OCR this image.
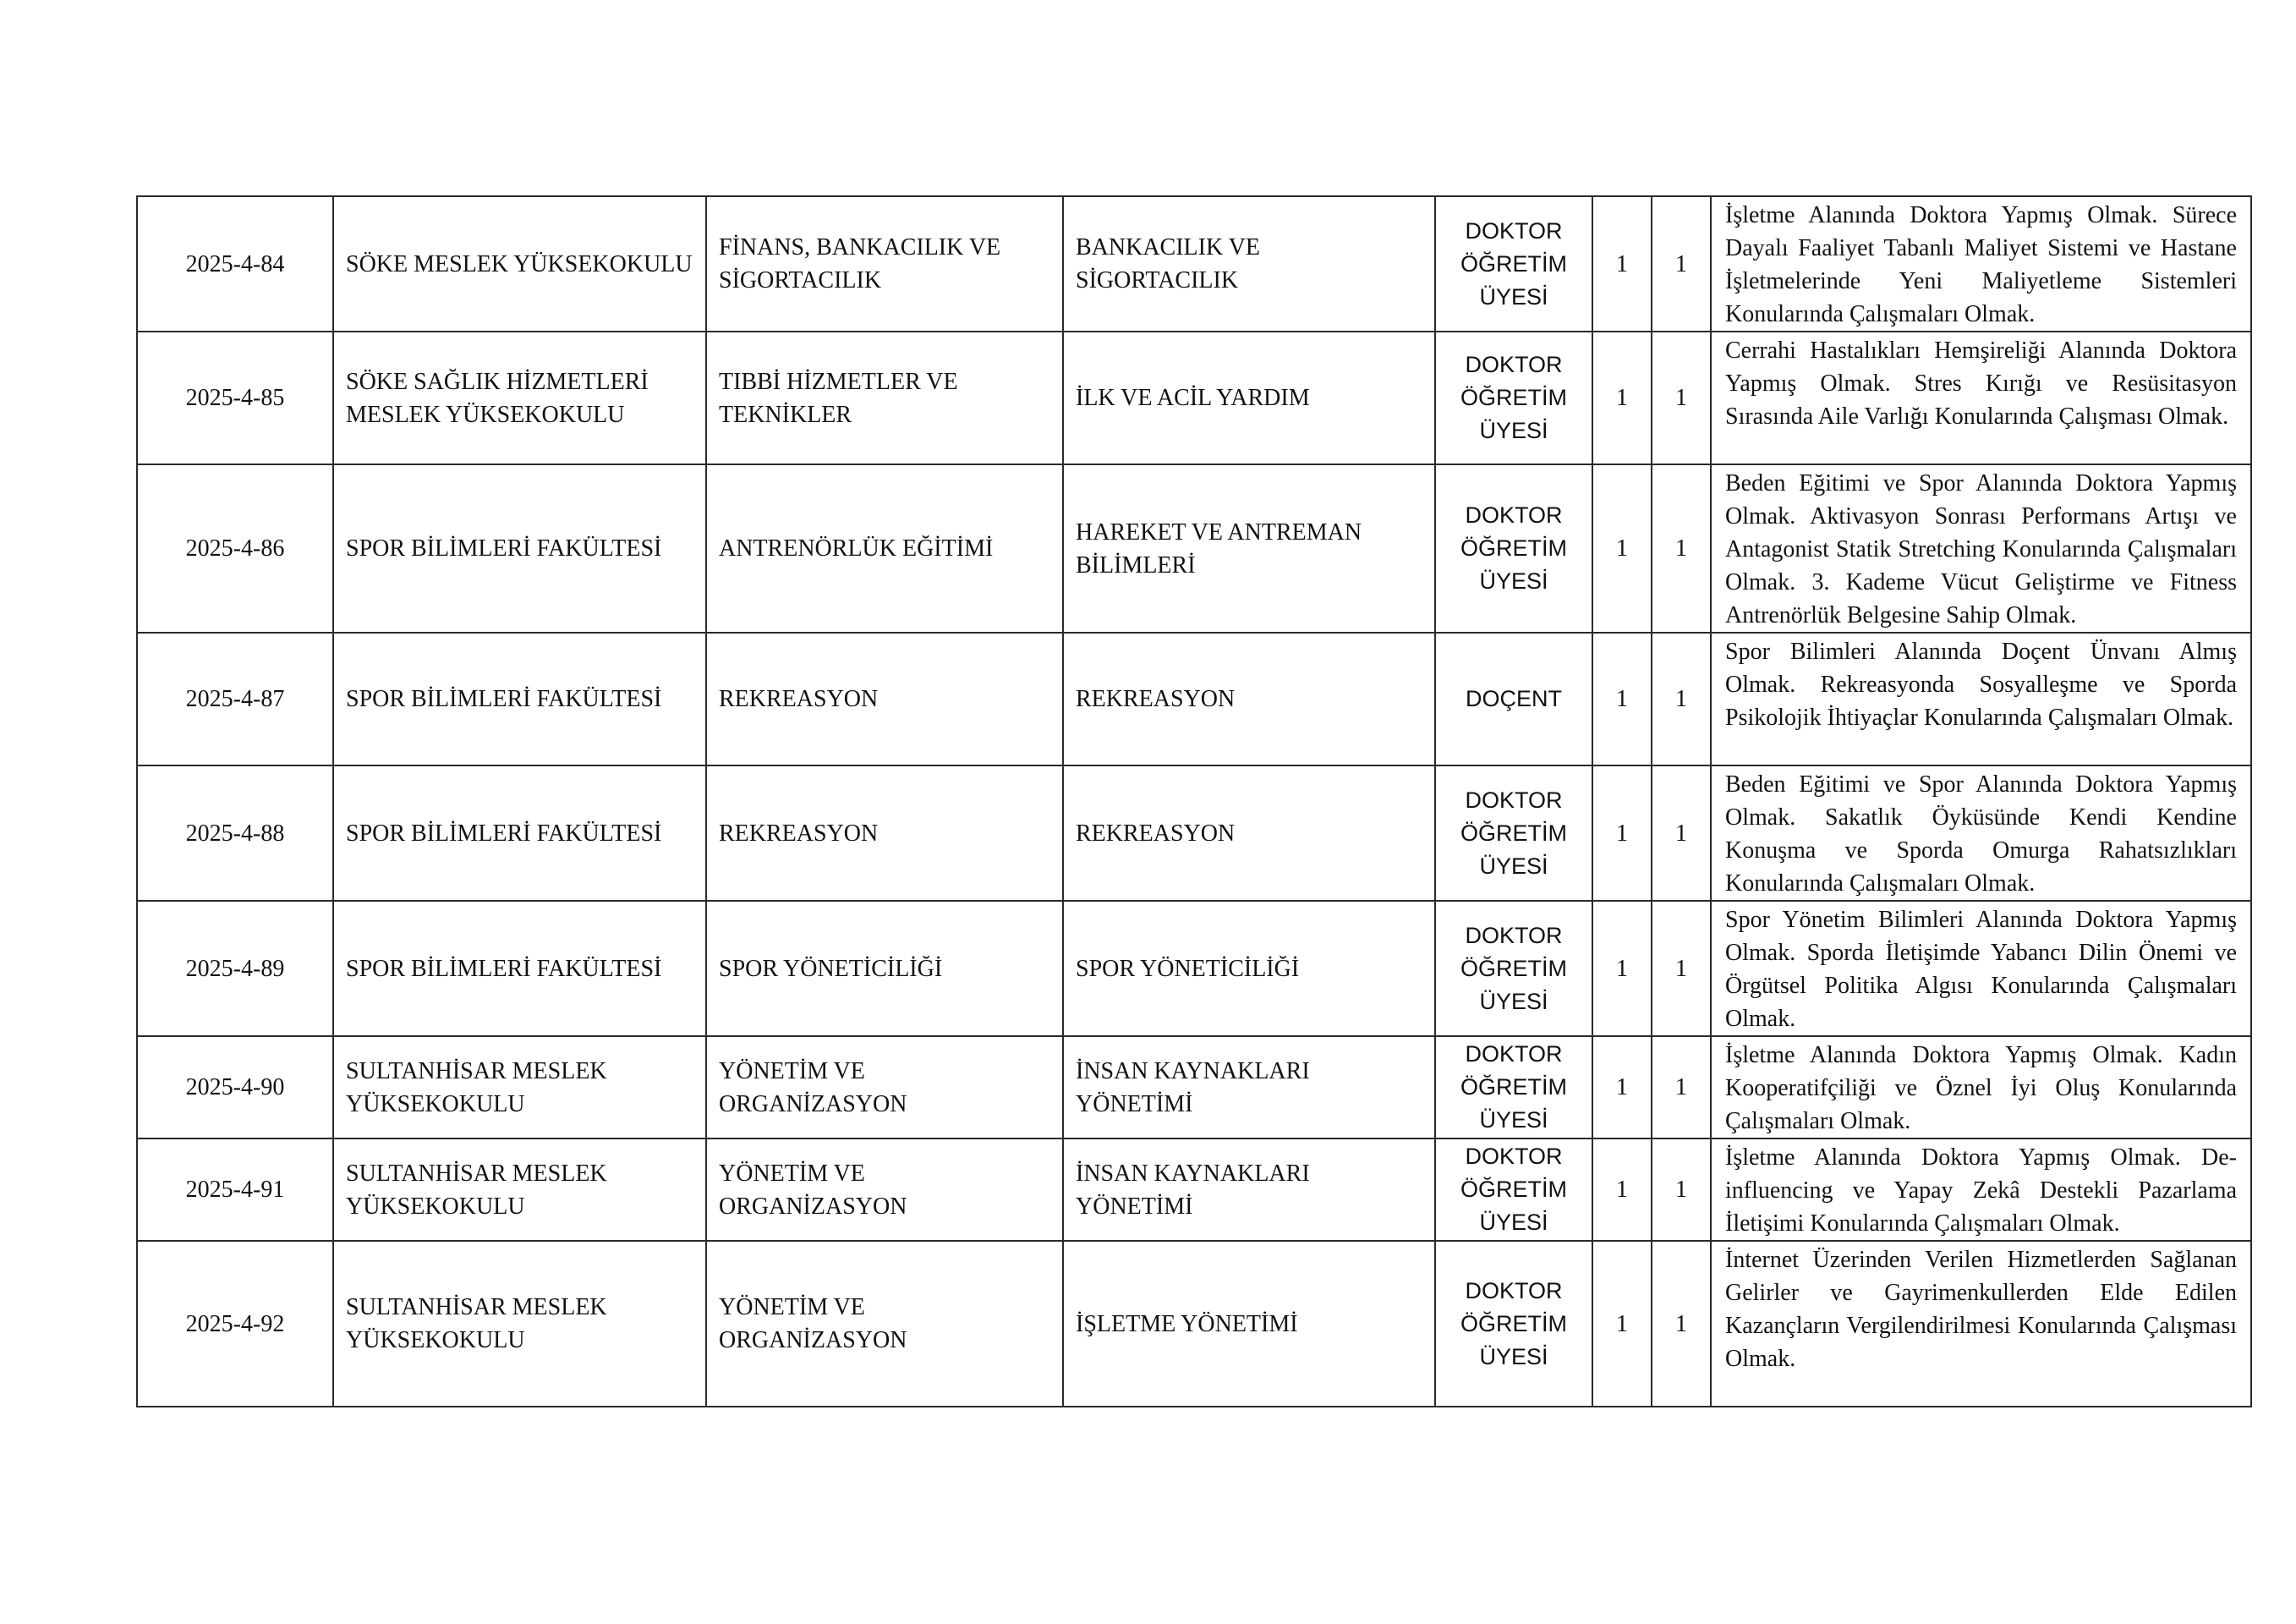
2025-4-84	SÖKE MESLEK YÜKSEKOKULU	FİNANS, BANKACILIK VE SİGORTACILIK	BANKACILIK VE SİGORTACILIK	DOKTOR ÖĞRETİM ÜYESİ	1	1	İşletme Alanında Doktora Yapmış Olmak. Sürece Dayalı Faaliyet Tabanlı Maliyet Sistemi ve Hastane İşletmelerinde Yeni Maliyetleme Sistemleri Konularında Çalışmaları Olmak.
2025-4-85	SÖKE SAĞLIK HİZMETLERİ MESLEK YÜKSEKOKULU	TIBBİ HİZMETLER VE TEKNİKLER	İLK VE ACİL YARDIM	DOKTOR ÖĞRETİM ÜYESİ	1	1	Cerrahi Hastalıkları Hemşireliği Alanında Doktora Yapmış Olmak. Stres Kırığı ve Resüsitasyon Sırasında Aile Varlığı Konularında Çalışması Olmak.
2025-4-86	SPOR BİLİMLERİ FAKÜLTESİ	ANTRENÖRLÜK EĞİTİMİ	HAREKET VE ANTREMAN BİLİMLERİ	DOKTOR ÖĞRETİM ÜYESİ	1	1	Beden Eğitimi ve Spor Alanında Doktora Yapmış Olmak. Aktivasyon Sonrası Performans Artışı ve Antagonist Statik Stretching Konularında Çalışmaları Olmak. 3. Kademe Vücut Geliştirme ve Fitness Antrenörlük Belgesine Sahip Olmak.
2025-4-87	SPOR BİLİMLERİ FAKÜLTESİ	REKREASYON	REKREASYON	DOÇENT	1	1	Spor Bilimleri Alanında Doçent Ünvanı Almış Olmak. Rekreasyonda Sosyalleşme ve Sporda Psikolojik İhtiyaçlar Konularında Çalışmaları Olmak.
2025-4-88	SPOR BİLİMLERİ FAKÜLTESİ	REKREASYON	REKREASYON	DOKTOR ÖĞRETİM ÜYESİ	1	1	Beden Eğitimi ve Spor Alanında Doktora Yapmış Olmak. Sakatlık Öyküsünde Kendi Kendine Konuşma ve Sporda Omurga Rahatsızlıkları Konularında Çalışmaları Olmak.
2025-4-89	SPOR BİLİMLERİ FAKÜLTESİ	SPOR YÖNETİCİLİĞİ	SPOR YÖNETİCİLİĞİ	DOKTOR ÖĞRETİM ÜYESİ	1	1	Spor Yönetim Bilimleri Alanında Doktora Yapmış Olmak. Sporda İletişimde Yabancı Dilin Önemi ve Örgütsel Politika Algısı Konularında Çalışmaları Olmak.
2025-4-90	SULTANHİSAR MESLEK YÜKSEKOKULU	YÖNETİM VE ORGANİZASYON	İNSAN KAYNAKLARI YÖNETİMİ	DOKTOR ÖĞRETİM ÜYESİ	1	1	İşletme Alanında Doktora Yapmış Olmak. Kadın Kooperatifçiliği ve Öznel İyi Oluş Konularında Çalışmaları Olmak.
2025-4-91	SULTANHİSAR MESLEK YÜKSEKOKULU	YÖNETİM VE ORGANİZASYON	İNSAN KAYNAKLARI YÖNETİMİ	DOKTOR ÖĞRETİM ÜYESİ	1	1	İşletme Alanında Doktora Yapmış Olmak. De-influencing ve Yapay Zekâ Destekli Pazarlama İletişimi Konularında Çalışmaları Olmak.
2025-4-92	SULTANHİSAR MESLEK YÜKSEKOKULU	YÖNETİM VE ORGANİZASYON	İŞLETME YÖNETİMİ	DOKTOR ÖĞRETİM ÜYESİ	1	1	İnternet Üzerinden Verilen Hizmetlerden Sağlanan Gelirler ve Gayrimenkullerden Elde Edilen Kazançların Vergilendirilmesi Konularında Çalışması Olmak.
